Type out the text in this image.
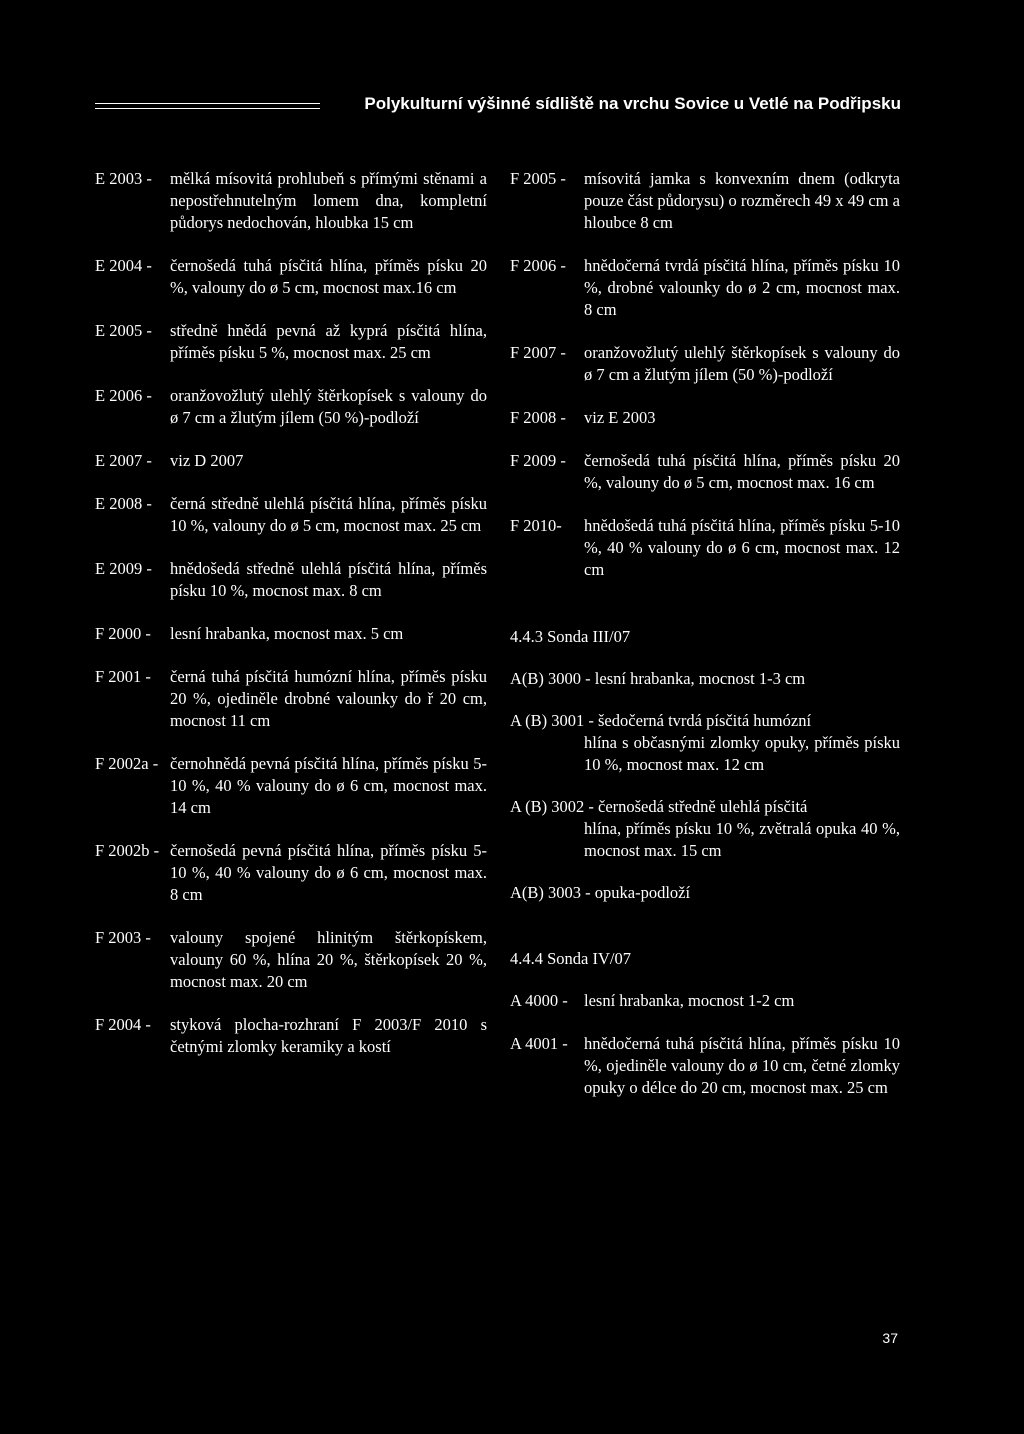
Polykulturní výšinné sídliště na vrchu Sovice u Vetlé na Podřipsku
E 2003 -	mělká mísovitá prohlubeň s přímými stěnami a nepostřehnutelným lomem dna, kompletní půdorys nedochován, hloubka 15 cm
E 2004 -	černošedá tuhá písčitá hlína, příměs písku 20 %, valouny do ø 5 cm, mocnost max.16 cm
E 2005 -	středně hnědá pevná až kyprá písčitá hlína, příměs písku 5 %, mocnost max. 25 cm
E 2006 -	oranžovožlutý ulehlý štěrkopísek s valouny do ø 7 cm a žlutým jílem (50 %)-podloží
E 2007 -	viz D 2007
E 2008 -	černá středně ulehlá písčitá hlína, příměs písku 10 %, valouny do ø 5 cm, mocnost max. 25 cm
E 2009 -	hnědošedá středně ulehlá písčitá hlína, příměs písku 10 %, mocnost max. 8 cm
F 2000 -	lesní hrabanka, mocnost max. 5 cm
F 2001 -	černá tuhá písčitá humózní hlína, příměs písku 20 %, ojediněle drobné valounky do ř 20 cm, mocnost 11 cm
F 2002a - černohnědá pevná písčitá hlína, příměs písku 5-10 %, 40 % valouny do ø 6 cm, mocnost max. 14 cm
F 2002b - černošedá pevná písčitá hlína, příměs písku 5-10 %, 40 % valouny do ø 6 cm, mocnost max. 8 cm
F 2003 -	valouny spojené hlinitým štěrkopískem, valouny 60 %, hlína 20 %, štěrkopísek 20 %, mocnost max. 20 cm
F 2004 -	styková plocha-rozhraní F 2003/F 2010 s četnými zlomky keramiky a kostí
F 2005 -	mísovitá jamka s konvexním dnem (odkryta pouze část půdorysu) o rozměrech 49 x 49 cm a hloubce 8 cm
F 2006 -	hnědočerná tvrdá písčitá hlína, příměs písku 10 %, drobné valounky do ø 2 cm, mocnost max. 8 cm
F 2007 -	oranžovožlutý ulehlý štěrkopísek s valouny do ø 7 cm a žlutým jílem (50 %)-podloží
F 2008 -	viz E 2003
F 2009 -	černošedá tuhá písčitá hlína, příměs písku 20 %, valouny do ø 5 cm, mocnost max. 16 cm
F 2010-	hnědošedá tuhá písčitá hlína, příměs písku 5-10 %, 40 % valouny do ø 6 cm, mocnost max. 12 cm
4.4.3 Sonda III/07
A(B) 3000 - lesní hrabanka, mocnost 1-3 cm
A (B) 3001 - šedočerná tvrdá písčitá humózní
hlína s občasnými zlomky opuky, příměs písku 10 %, mocnost max. 12 cm
A (B) 3002 - černošedá středně ulehlá písčitá
hlína, příměs písku 10 %, zvětralá opuka 40 %, mocnost max. 15 cm
A(B) 3003 - opuka-podloží
4.4.4 Sonda IV/07
A 4000 - lesní hrabanka, mocnost 1-2 cm
A 4001 - hnědočerná tuhá písčitá hlína, příměs písku 10 %, ojediněle valouny do ø 10 cm, četné zlomky opuky o délce do 20 cm, mocnost max. 25 cm
37
